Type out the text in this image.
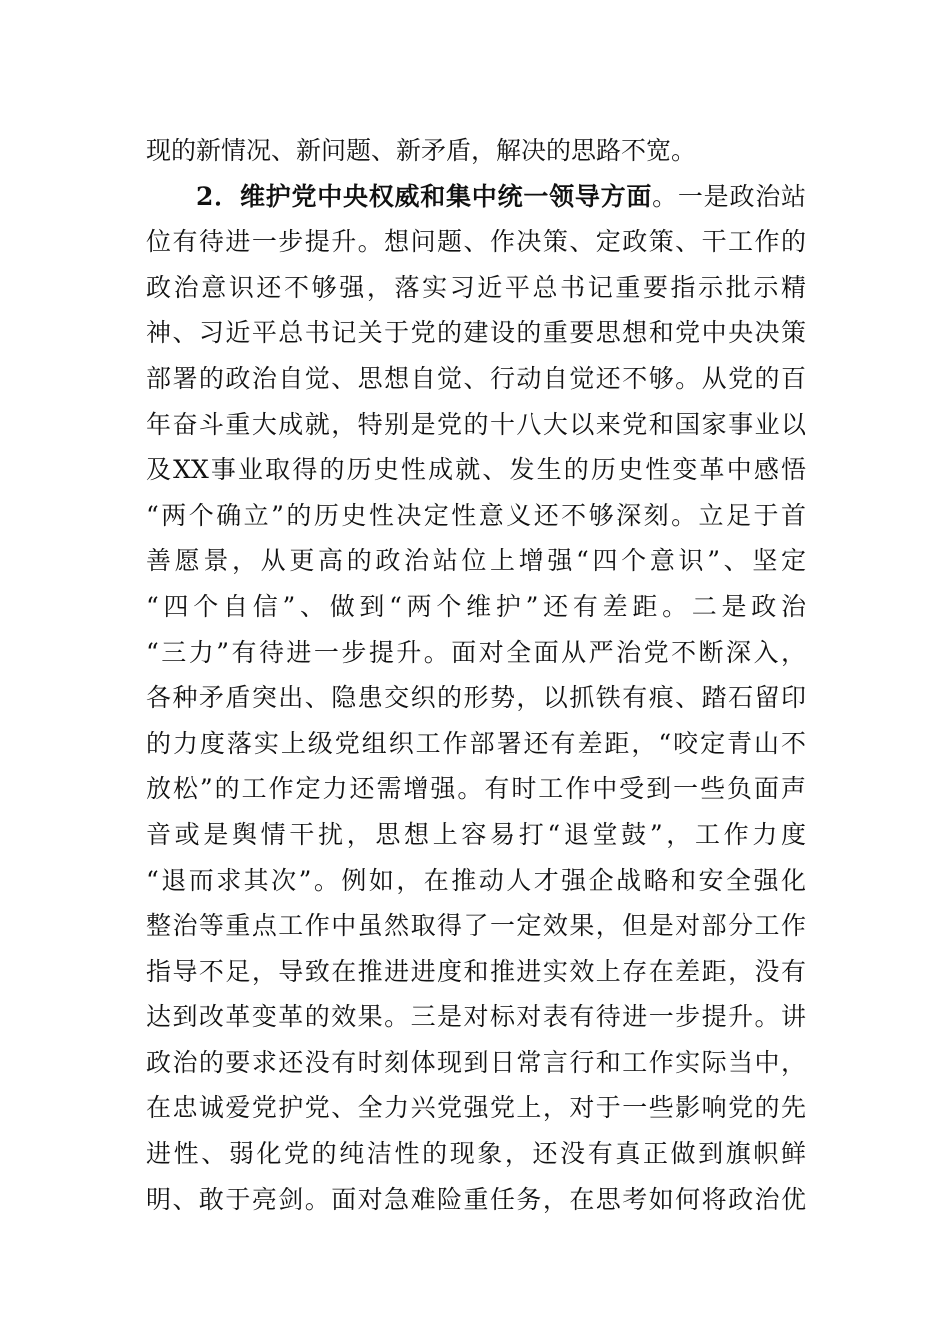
现的新情况、新问题、新矛盾，解决的思路不宽。
2．维护党中央权威和集中统一领导方面。一是政治站
位有待进一步提升。想问题、作决策、定政策、干工作的
政治意识还不够强，落实习近平总书记重要指示批示精
神、习近平总书记关于党的建设的重要思想和党中央决策
部署的政治自觉、思想自觉、行动自觉还不够。从党的百
年奋斗重大成就，特别是党的十八大以来党和国家事业以
及XX事业取得的历史性成就、发生的历史性变革中感悟
“两个确立”的历史性决定性意义还不够深刻。立足于首
善愿景，从更高的政治站位上增强“四个意识”、坚定
“四个自信”、做到“两个维护”还有差距。二是政治
“三力”有待进一步提升。面对全面从严治党不断深入，
各种矛盾突出、隐患交织的形势，以抓铁有痕、踏石留印
的力度落实上级党组织工作部署还有差距，“咬定青山不
放松”的工作定力还需增强。有时工作中受到一些负面声
音或是舆情干扰，思想上容易打“退堂鼓”，工作力度
“退而求其次”。例如，在推动人才强企战略和安全强化
整治等重点工作中虽然取得了一定效果，但是对部分工作
指导不足，导致在推进进度和推进实效上存在差距，没有
达到改革变革的效果。三是对标对表有待进一步提升。讲
政治的要求还没有时刻体现到日常言行和工作实际当中，
在忠诚爱党护党、全力兴党强党上，对于一些影响党的先
进性、弱化党的纯洁性的现象，还没有真正做到旗帜鲜
明、敢于亮剑。面对急难险重任务，在思考如何将政治优
